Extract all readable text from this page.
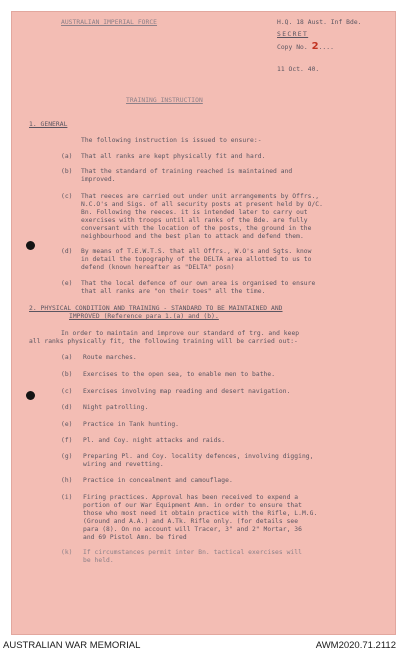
AUSTRALIAN IMPERIAL FORCE	H.Q. 18 Aust. Inf Bde.
SECRET
Copy No. 2....
11 Oct. 40.
TRAINING INSTRUCTION
1. GENERAL
The following instruction is issued to ensure:-
(a) That all ranks are kept physically fit and hard.
(b) That the standard of training reached is maintained and
improved.
(c) That reeces are carried out under unit arrangements by Offrs.,
N.C.O's and Sigs. of all security posts at present held by O/C.
Bn. Following the reeces. it is intended later to carry out
exercises with troops until all ranks of the Bde. are fully
conversant with the location of the posts, the ground in the
neighbourhood and the best plan to attack and defend them.
(d) By means of T.E.W.T.S. that all Offrs., W.O's and Sgts. know
in detail the topography of the DELTA area allotted to us to
defend (known hereafter as "DELTA" posn)
(e) That the local defence of our own area is organised to ensure
that all ranks are "on their toes" all the time.
2. PHYSICAL CONDITION AND TRAINING - STANDARD TO BE MAINTAINED AND
IMPROVED (Reference para 1.(a) and (b).
In order to maintain and improve our standard of trg. and keep
all ranks physically fit, the following training will be carried out:-
(a) Route marches.
(b) Exercises to the open sea, to enable men to bathe.
(c) Exercises involving map reading and desert navigation.
(d) Night patrolling.
(e) Practice in Tank hunting.
(f) Pl. and Coy. night attacks and raids.
(g) Preparing Pl. and Coy. locality defences, involving digging,
wiring and revetting.
(h) Practice in concealment and camouflage.
(i) Firing practices. Approval has been received to expend a
portion of our War Equipment Amn. in order to ensure that
those who most need it obtain practice with the Rifle, L.M.G.
(Ground and A.A.) and A.Tk. Rifle only. (for details see
para (8). On no account will Tracer, 3" and 2" Mortar, 36
and 69 Pistol Amn. be fired
(k) If circumstances permit inter Bn. tactical exercises will
be held.
AUSTRALIAN WAR MEMORIAL	AWM2020.71.2112
